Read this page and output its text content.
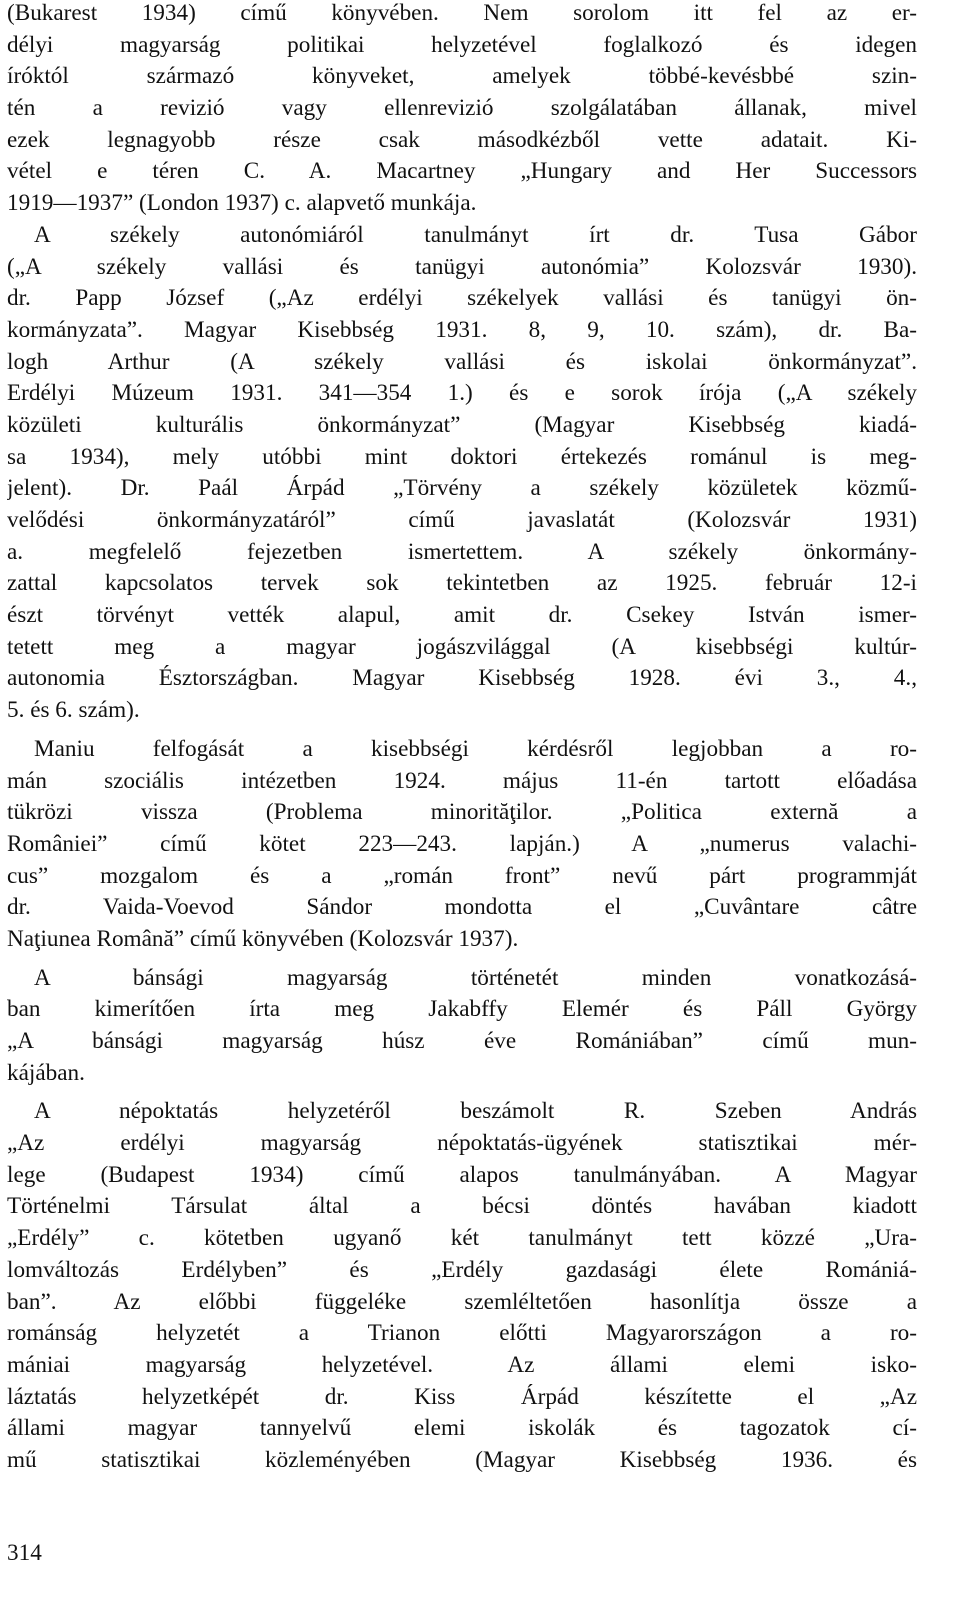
(Bukarest 1934) című könyvében. Nem sorolom itt fel az er-
délyi magyarság politikai helyzetével foglalkozó és idegen
íróktól származó könyveket, amelyek többé-kevésbbé szin-
tén a revizió vagy ellenrevizió szolgálatában állanak, mivel
ezek legnagyobb része csak másodkézből vette adatait. Ki-
vétel e téren C. A. Macartney „Hungary and Her Successors
1919—1937” (London 1937) c. alapvető munkája.
A székely autonómiáról tanulmányt írt dr. Tusa Gábor
(„A székely vallási és tanügyi autonómia” Kolozsvár 1930).
dr. Papp József („Az erdélyi székelyek vallási és tanügyi ön-
kormányzata”. Magyar Kisebbség 1931. 8, 9, 10. szám), dr. Ba-
logh Arthur (A székely vallási és iskolai önkormányzat”.
Erdélyi Múzeum 1931. 341—354 1.) és e sorok írója („A székely
közületi kulturális önkormányzat” (Magyar Kisebbség kiadá-
sa 1934), mely utóbbi mint doktori értekezés románul is meg-
jelent). Dr. Paál Árpád „Törvény a székely közületek közmű-
velődési önkormányzatáról” című javaslatát (Kolozsvár 1931)
a. megfelelő fejezetben ismertettem. A székely önkormány-
zattal kapcsolatos tervek sok tekintetben az 1925. február 12-i
észt törvényt vették alapul, amit dr. Csekey István ismer-
tetett meg a magyar jogászvilággal (A kisebbségi kultúr-
autonomia Észtországban. Magyar Kisebbség 1928. évi 3., 4.,
5. és 6. szám).
Maniu felfogását a kisebbségi kérdésről legjobban a ro-
mán szociális intézetben 1924. május 11-én tartott előadása
tükrözi vissza (Problema minorităţilor. „Politica externă a
României” című kötet 223—243. lapján.) A „numerus valachi-
cus” mozgalom és a „román front” nevű párt programmját
dr. Vaida-Voevod Sándor mondotta el „Cuvântare câtre
Naţiunea Română” című könyvében (Kolozsvár 1937).
A bánsági magyarság történetét minden vonatkozásá-
ban kimerítően írta meg Jakabffy Elemér és Páll György
„A bánsági magyarság húsz éve Romániában” című mun-
kájában.
A népoktatás helyzetéről beszámolt R. Szeben András
„Az erdélyi magyarság népoktatás-ügyének statisztikai mér-
lege (Budapest 1934) című alapos tanulmányában. A Magyar
Történelmi Társulat által a bécsi döntés havában kiadott
„Erdély” c. kötetben ugyanő két tanulmányt tett közzé „Ura-
lomváltozás Erdélyben” és „Erdély gazdasági élete Romániá-
ban”. Az előbbi függeléke szemléltetően hasonlítja össze a
románság helyzetét a Trianon előtti Magyarországon a ro-
mániai magyarság helyzetével. Az állami elemi isko-
láztatás helyzetképét dr. Kiss Árpád készítette el „Az
állami magyar tannyelvű elemi iskolák és tagozatok cí-
mű statisztikai közleményében (Magyar Kisebbség 1936. és
314
